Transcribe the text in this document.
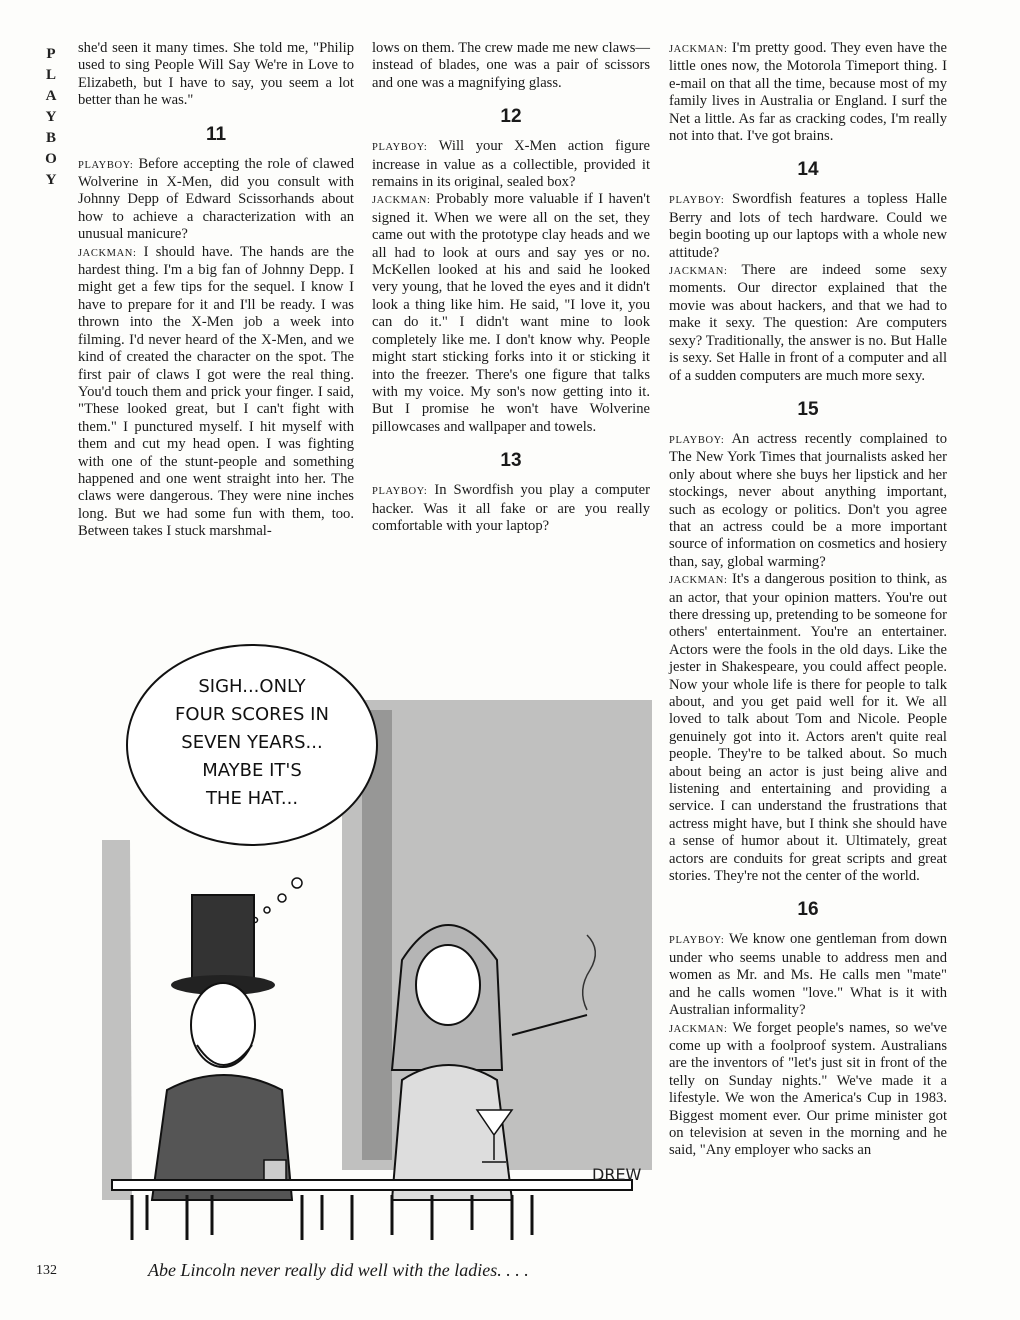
P
L
A
Y
B
O
Y

she'd seen it many times. She told me, "Philip used to sing People Will Say We're in Love to Elizabeth, but I have to say, you seem a lot better than he was."

11

PLAYBOY: Before accepting the role of clawed Wolverine in X-Men, did you consult with Johnny Depp of Edward Scissorhands about how to achieve a characterization with an unusual manicure?

JACKMAN: I should have. The hands are the hardest thing. I'm a big fan of Johnny Depp. I might get a few tips for the sequel. I know I have to prepare for it and I'll be ready. I was thrown into the X-Men job a week into filming. I'd never heard of the X-Men, and we kind of created the character on the spot. The first pair of claws I got were the real thing. You'd touch them and prick your finger. I said, "These looked great, but I can't fight with them." I punctured myself. I hit myself with them and cut my head open. I was fighting with one of the stunt-people and something happened and one went straight into her. The claws were dangerous. They were nine inches long. But we had some fun with them, too. Between takes I stuck marshmal-

lows on them. The crew made me new claws—instead of blades, one was a pair of scissors and one was a magnifying glass.

12

PLAYBOY: Will your X-Men action figure increase in value as a collectible, provided it remains in its original, sealed box?

JACKMAN: Probably more valuable if I haven't signed it. When we were all on the set, they came out with the prototype clay heads and we all had to look at ours and say yes or no. McKellen looked at his and said he looked very young, that he loved the eyes and it didn't look a thing like him. He said, "I love it, you can do it." I didn't want mine to look completely like me. I don't know why. People might start sticking forks into it or sticking it into the freezer. There's one figure that talks with my voice. My son's now getting into it. But I promise he won't have Wolverine pillowcases and wallpaper and towels.

13

PLAYBOY: In Swordfish you play a computer hacker. Was it all fake or are you really comfortable with your laptop?

JACKMAN: I'm pretty good. They even have the little ones now, the Motorola Timeport thing. I e-mail on that all the time, because most of my family lives in Australia or England. I surf the Net a little. As far as cracking codes, I'm really not into that. I've got brains.

14

PLAYBOY: Swordfish features a topless Halle Berry and lots of tech hardware. Could we begin booting up our laptops with a whole new attitude?

JACKMAN: There are indeed some sexy moments. Our director explained that the movie was about hackers, and that we had to make it sexy. The question: Are computers sexy? Traditionally, the answer is no. But Halle is sexy. Set Halle in front of a computer and all of a sudden computers are much more sexy.

15

PLAYBOY: An actress recently complained to The New York Times that journalists asked her only about where she buys her lipstick and her stockings, never about anything important, such as ecology or politics. Don't you agree that an actress could be a more important source of information on cosmetics and hosiery than, say, global warming?

JACKMAN: It's a dangerous position to think, as an actor, that your opinion matters. You're out there dressing up, pretending to be someone for others' entertainment. You're an entertainer. Actors were the fools in the old days. Like the jester in Shakespeare, you could affect people. Now your whole life is there for people to talk about, and you get paid well for it. We all loved to talk about Tom and Nicole. People genuinely got into it. Actors aren't quite real people. They're to be talked about. So much about being an actor is just being alive and listening and entertaining and providing a service. I can understand the frustrations that actress might have, but I think she should have a sense of humor about it. Ultimately, great actors are conduits for great scripts and great stories. They're not the center of the world.

16

PLAYBOY: We know one gentleman from down under who seems unable to address men and women as Mr. and Ms. He calls men "mate" and he calls women "love." What is it with Australian informality?

JACKMAN: We forget people's names, so we've come up with a foolproof system. Australians are the inventors of "let's just sit in front of the telly on Sunday nights." We've made it a lifestyle. We won the America's Cup in 1983. Biggest moment ever. Our prime minister got on television at seven in the morning and he said, "Any employer who sacks an

SIGH...ONLY
FOUR SCORES IN
SEVEN YEARS...
MAYBE IT'S
THE HAT...
DREW
132	Abe Lincoln never really did well with the ladies. . . .
